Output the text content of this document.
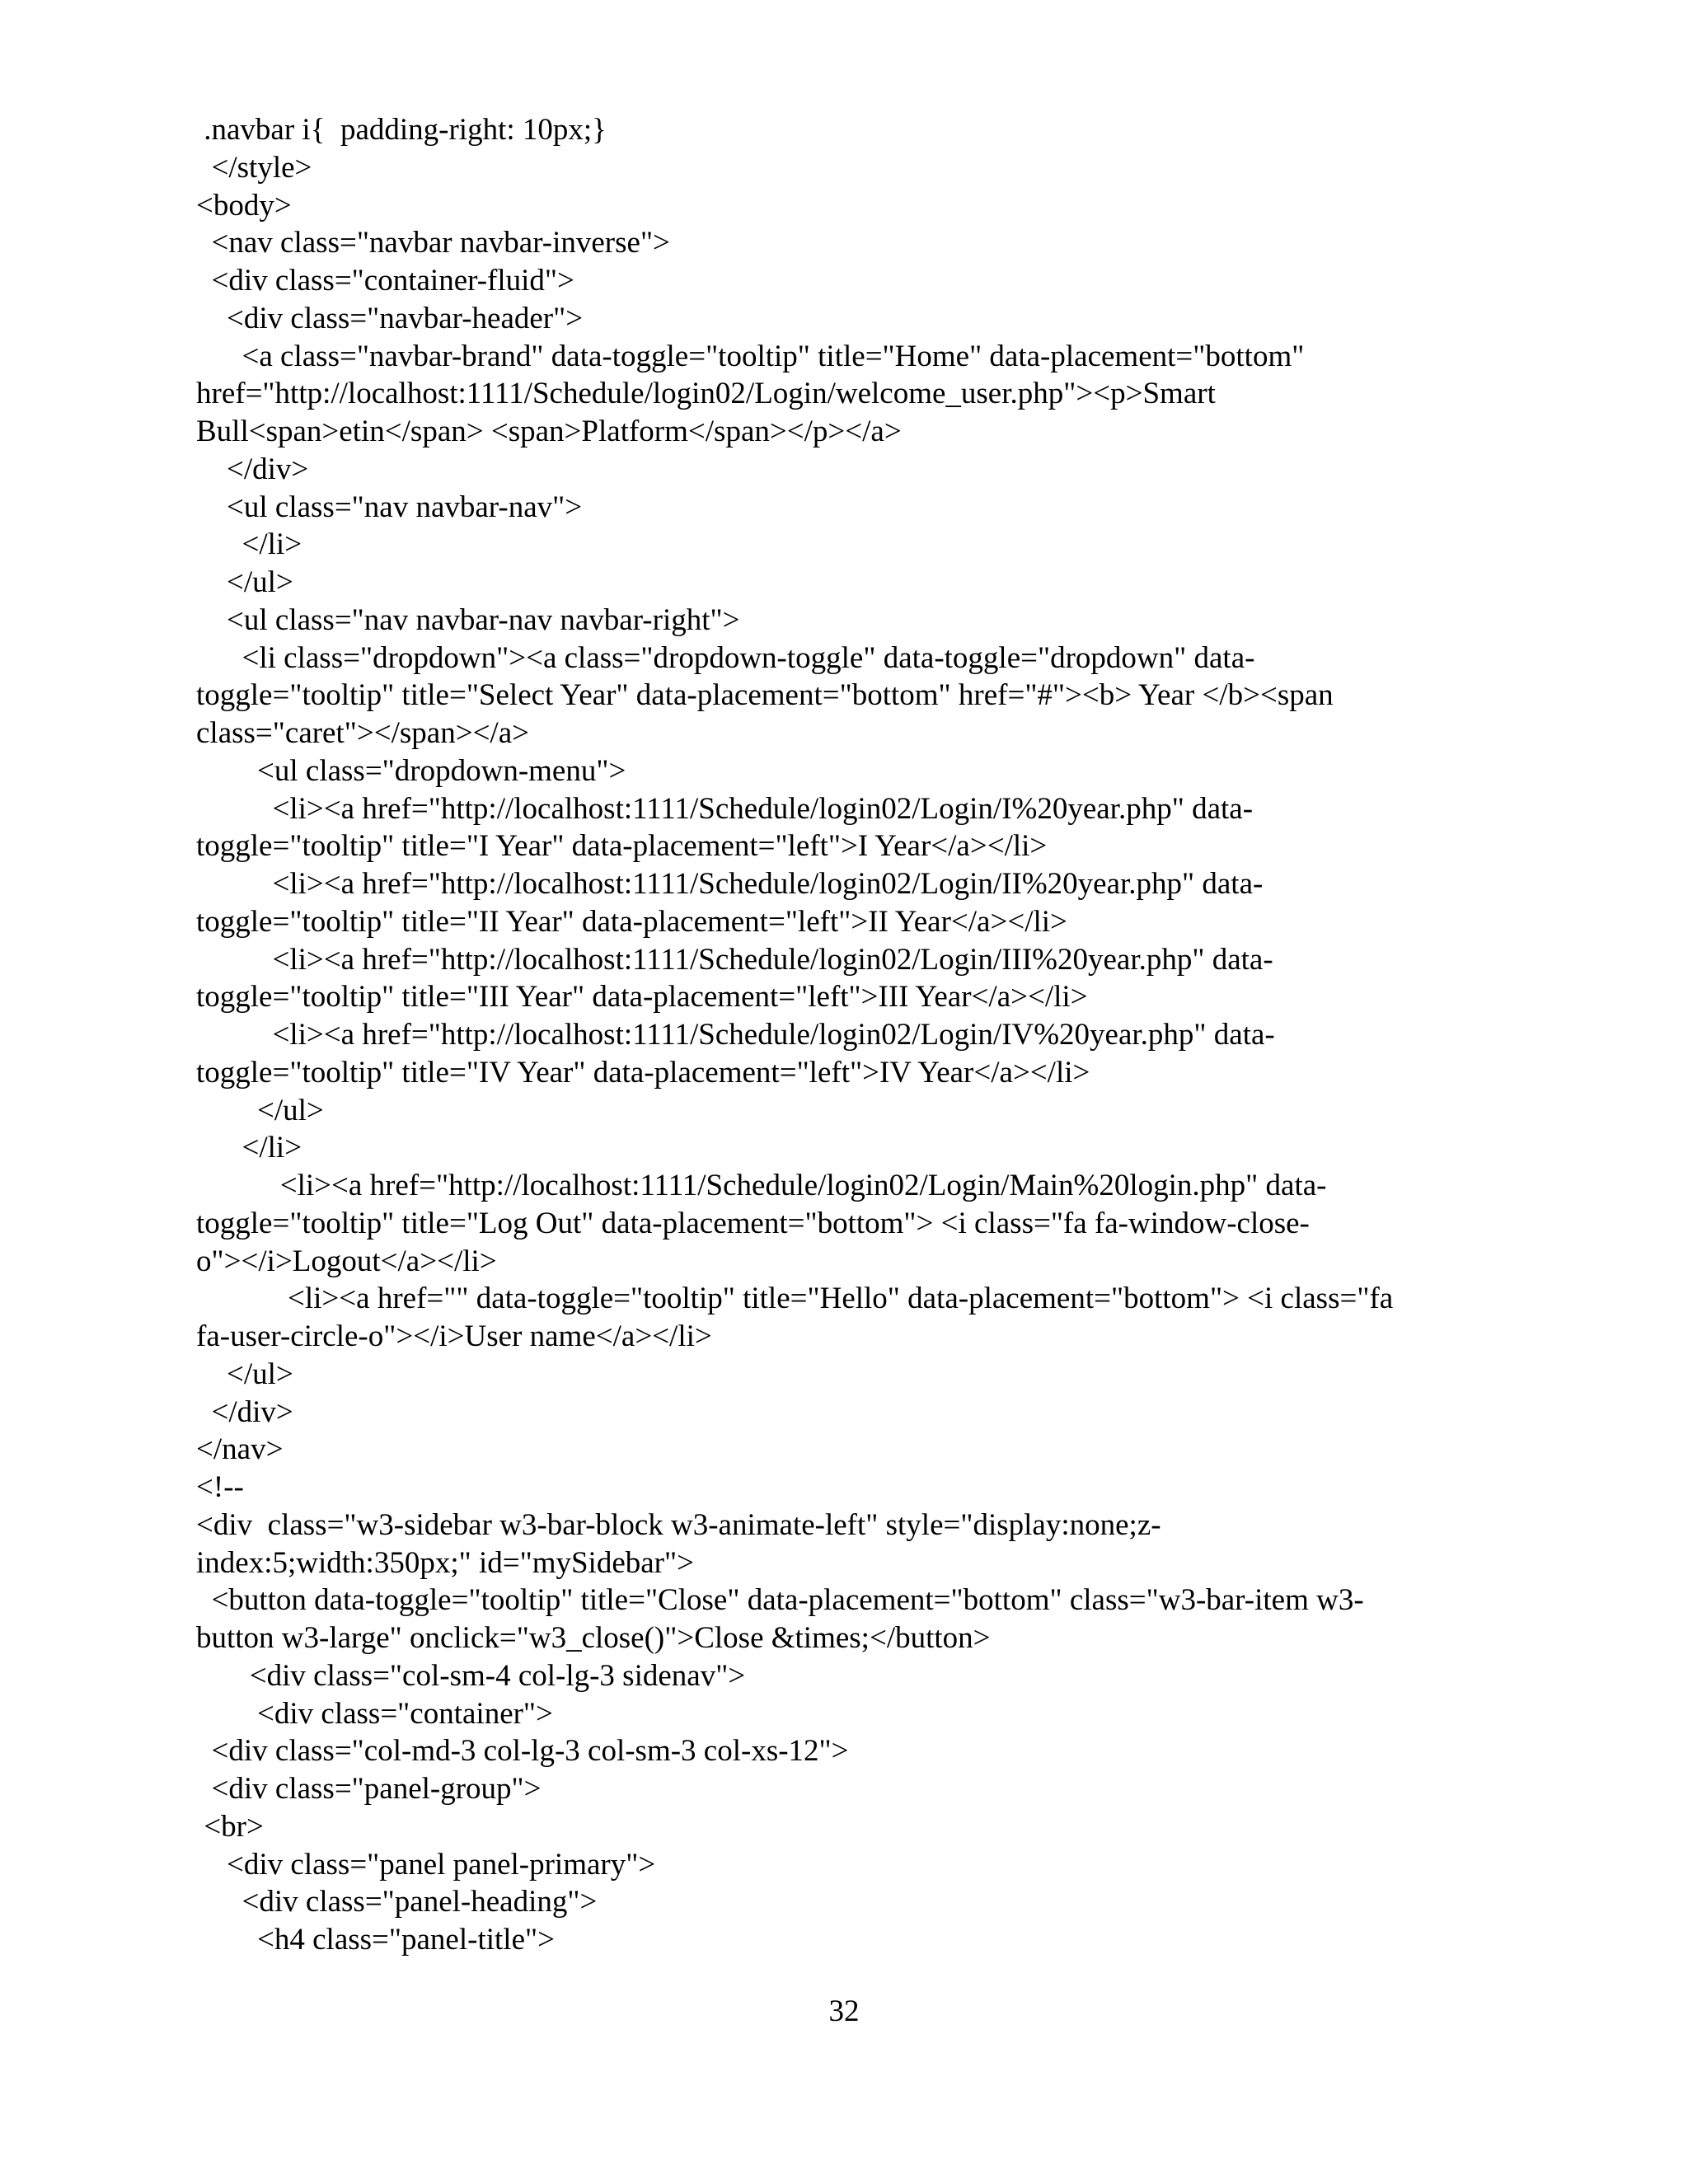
.navbar i{  padding-right: 10px;}
</style>
<body>
<nav class="navbar navbar-inverse">
<div class="container-fluid">
<div class="navbar-header">
<a class="navbar-brand" data-toggle="tooltip" title="Home" data-placement="bottom"
href="http://localhost:1111/Schedule/login02/Login/welcome_user.php"><p>Smart
Bull<span>etin</span> <span>Platform</span></p></a>
</div>
<ul class="nav navbar-nav">
</li>
</ul>
<ul class="nav navbar-nav navbar-right">
<li class="dropdown"><a class="dropdown-toggle" data-toggle="dropdown" data-
toggle="tooltip" title="Select Year" data-placement="bottom" href="#"><b> Year </b><span
class="caret"></span></a>
<ul class="dropdown-menu">
<li><a href="http://localhost:1111/Schedule/login02/Login/I%20year.php" data-
toggle="tooltip" title="I Year" data-placement="left">I Year</a></li>
<li><a href="http://localhost:1111/Schedule/login02/Login/II%20year.php" data-
toggle="tooltip" title="II Year" data-placement="left">II Year</a></li>
<li><a href="http://localhost:1111/Schedule/login02/Login/III%20year.php" data-
toggle="tooltip" title="III Year" data-placement="left">III Year</a></li>
<li><a href="http://localhost:1111/Schedule/login02/Login/IV%20year.php" data-
toggle="tooltip" title="IV Year" data-placement="left">IV Year</a></li>
</ul>
</li>
<li><a href="http://localhost:1111/Schedule/login02/Login/Main%20login.php" data-
toggle="tooltip" title="Log Out" data-placement="bottom"> <i class="fa fa-window-close-
o"></i>Logout</a></li>
<li><a href="" data-toggle="tooltip" title="Hello" data-placement="bottom"> <i class="fa
fa-user-circle-o"></i>User name</a></li>
</ul>
</div>
</nav>
<!--
<div  class="w3-sidebar w3-bar-block w3-animate-left" style="display:none;z-
index:5;width:350px;" id="mySidebar">
<button data-toggle="tooltip" title="Close" data-placement="bottom" class="w3-bar-item w3-
button w3-large" onclick="w3_close()">Close &times;</button>
<div class="col-sm-4 col-lg-3 sidenav">
<div class="container">
<div class="col-md-3 col-lg-3 col-sm-3 col-xs-12">
<div class="panel-group">
<br>
<div class="panel panel-primary">
<div class="panel-heading">
<h4 class="panel-title">
32
